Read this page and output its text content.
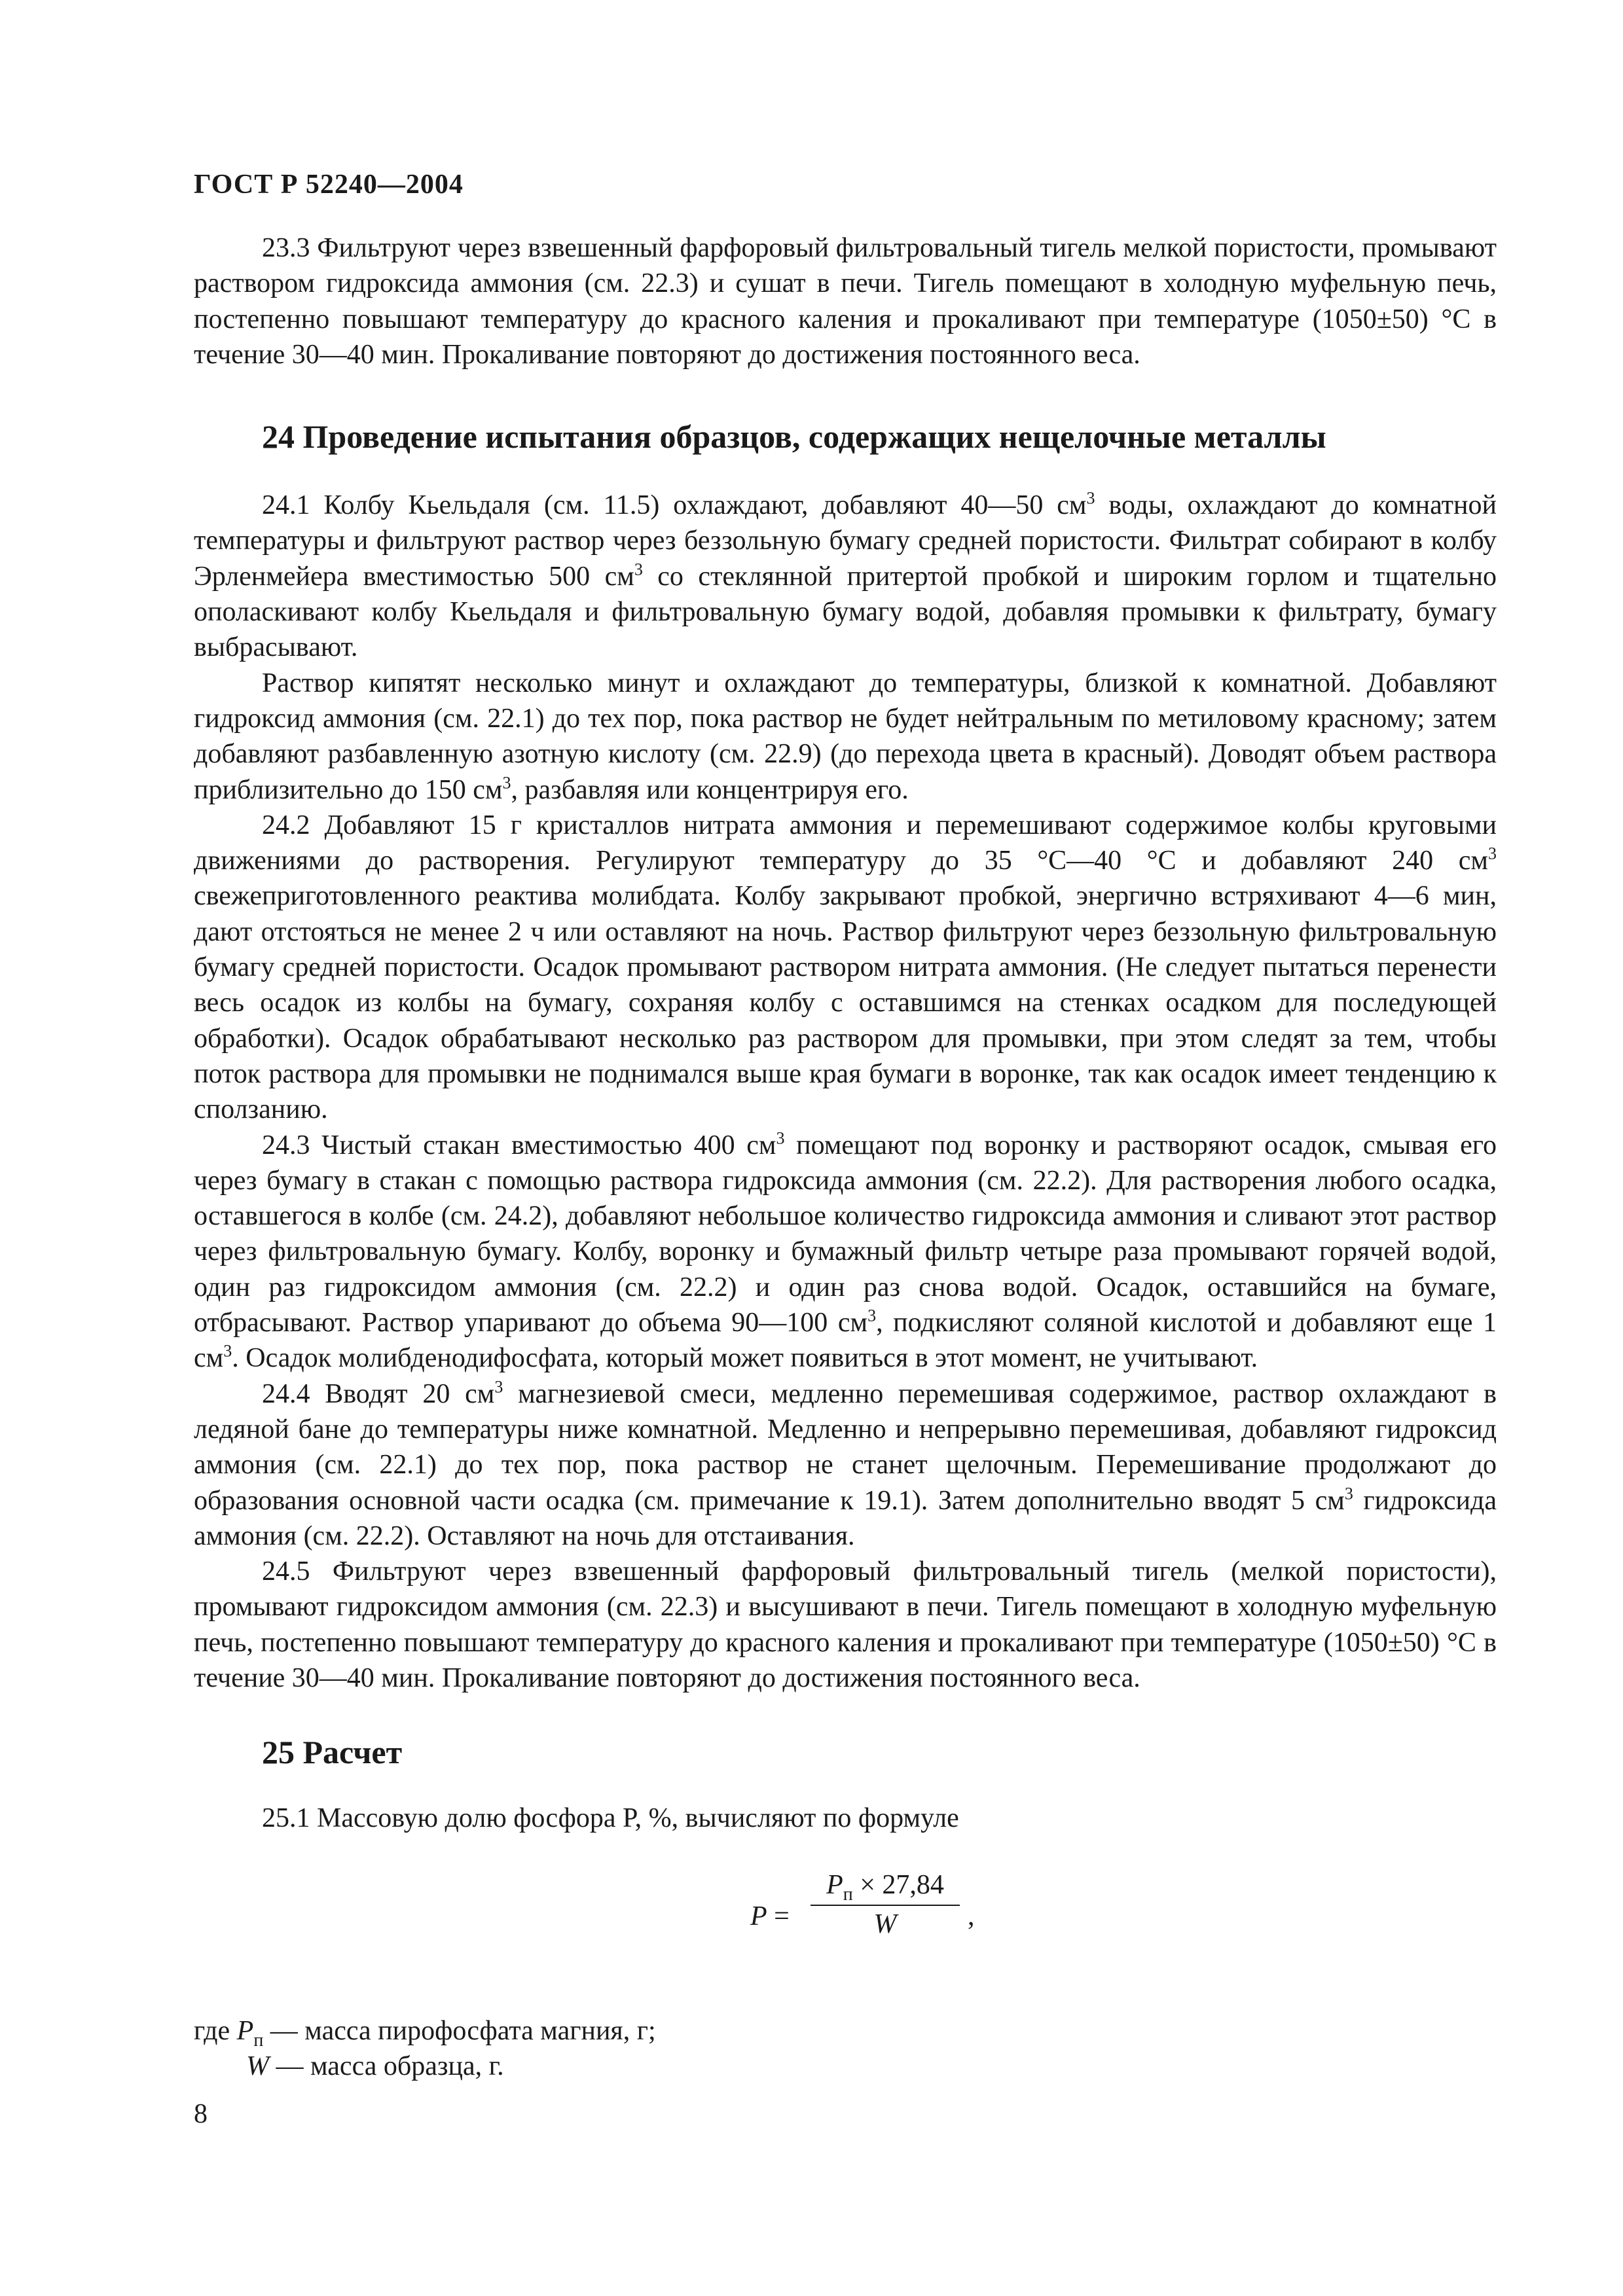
ГОСТ Р 52240—2004

23.3 Фильтруют через взвешенный фарфоровый фильтровальный тигель мелкой пористости, промывают раствором гидроксида аммония (см. 22.3) и сушат в печи. Тигель помещают в холодную муфельную печь, постепенно повышают температуру до красного каления и прокаливают при температуре (1050±50) °С в течение 30—40 мин. Прокаливание повторяют до достижения постоянного веса.

24 Проведение испытания образцов, содержащих нещелочные металлы

24.1 Колбу Кьельдаля (см. 11.5) охлаждают, добавляют 40—50 $см^3$ воды, охлаждают до комнатной температуры и фильтруют раствор через беззольную бумагу средней пористости. Фильтрат собирают в колбу Эрленмейера вместимостью 500 $см^3$ со стеклянной притертой пробкой и широким горлом и тщательно ополаскивают колбу Кьельдаля и фильтровальную бумагу водой, добавляя промывки к фильтрату, бумагу выбрасывают.

Раствор кипятят несколько минут и охлаждают до температуры, близкой к комнатной. Добавляют гидроксид аммония (см. 22.1) до тех пор, пока раствор не будет нейтральным по метиловому красному; затем добавляют разбавленную азотную кислоту (см. 22.9) (до перехода цвета в красный). Доводят объем раствора приблизительно до 150 $см^3$, разбавляя или концентрируя его.

24.2 Добавляют 15 г кристаллов нитрата аммония и перемешивают содержимое колбы круговыми движениями до растворения. Регулируют температуру до 35 °С—40 °С и добавляют 240 $см^3$ свежеприготовленного реактива молибдата. Колбу закрывают пробкой, энергично встряхивают 4—6 мин, дают отстояться не менее 2 ч или оставляют на ночь. Раствор фильтруют через беззольную фильтровальную бумагу средней пористости. Осадок промывают раствором нитрата аммония. (Не следует пытаться перенести весь осадок из колбы на бумагу, сохраняя колбу с оставшимся на стенках осадком для последующей обработки). Осадок обрабатывают несколько раз раствором для промывки, при этом следят за тем, чтобы поток раствора для промывки не поднимался выше края бумаги в воронке, так как осадок имеет тенденцию к сползанию.

24.3 Чистый стакан вместимостью 400 $см^3$ помещают под воронку и растворяют осадок, смывая его через бумагу в стакан с помощью раствора гидроксида аммония (см. 22.2). Для растворения любого осадка, оставшегося в колбе (см. 24.2), добавляют небольшое количество гидроксида аммония и сливают этот раствор через фильтровальную бумагу. Колбу, воронку и бумажный фильтр четыре раза промывают горячей водой, один раз гидроксидом аммония (см. 22.2) и один раз снова водой. Осадок, оставшийся на бумаге, отбрасывают. Раствор упаривают до объема 90—100 $см^3$, подкисляют соляной кислотой и добавляют еще 1 $см^3$. Осадок молибденодифосфата, который может появиться в этот момент, не учитывают.

24.4 Вводят 20 $см^3$ магнезиевой смеси, медленно перемешивая содержимое, раствор охлаждают в ледяной бане до температуры ниже комнатной. Медленно и непрерывно перемешивая, добавляют гидроксид аммония (см. 22.1) до тех пор, пока раствор не станет щелочным. Перемешивание продолжают до образования основной части осадка (см. примечание к 19.1). Затем дополнительно вводят 5 $см^3$ гидроксида аммония (см. 22.2). Оставляют на ночь для отстаивания.

24.5 Фильтруют через взвешенный фарфоровый фильтровальный тигель (мелкой пористости), промывают гидроксидом аммония (см. 22.3) и высушивают в печи. Тигель помещают в холодную муфельную печь, постепенно повышают температуру до красного каления и прокаливают при температуре (1050±50) °С в течение 30—40 мин. Прокаливание повторяют до достижения постоянного веса.

25 Расчет

25.1 Массовую долю фосфора P, %, вычисляют по формуле

P =
$P_п \times 27,84$
W	,
где $P_п$ — масса пирофосфата магния, г;
W — масса образца, г.
8
